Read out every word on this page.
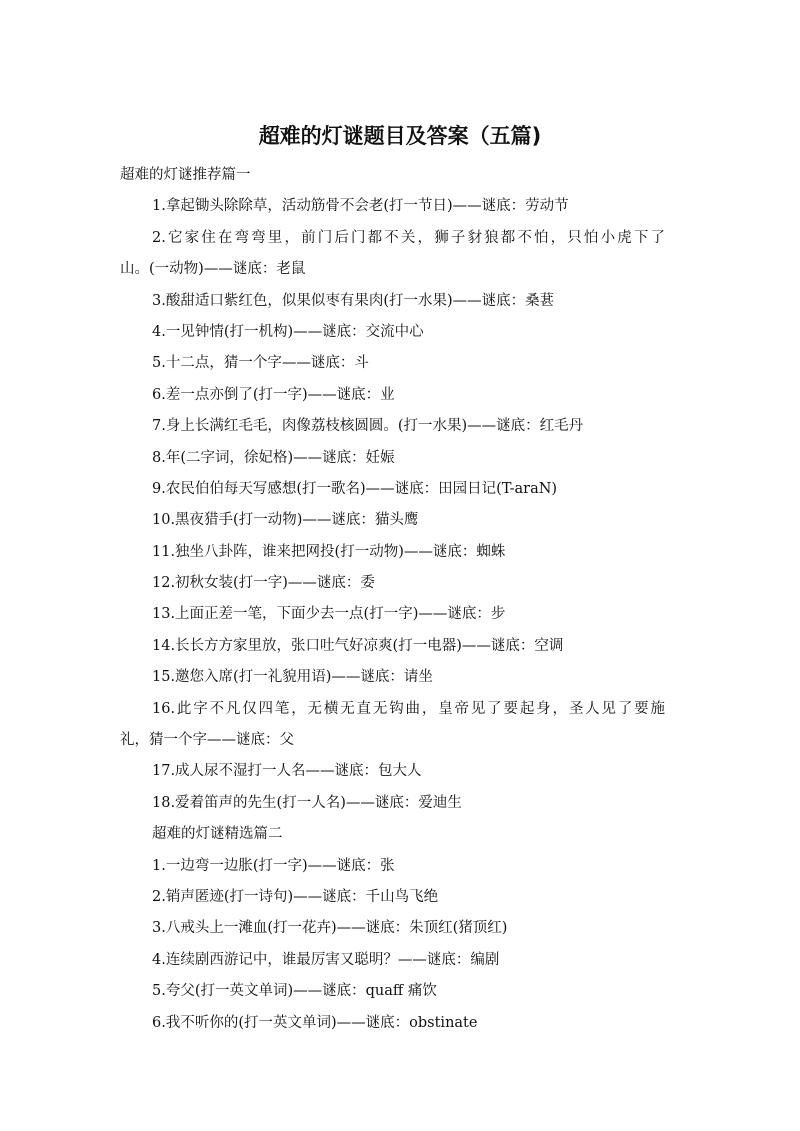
超难的灯谜题目及答案（五篇)

超难的灯谜推荐篇一

1.拿起锄头除除草，活动筋骨不会老(打一节日)——谜底：劳动节

2.它家住在弯弯里，前门后门都不关，狮子豺狼都不怕，只怕小虎下了

山。(一动物)——谜底：老鼠

3.酸甜适口紫红色，似果似枣有果肉(打一水果)——谜底：桑葚

4.一见钟情(打一机构)——谜底：交流中心

5.十二点，猜一个字——谜底：斗

6.差一点亦倒了(打一字)——谜底：业

7.身上长满红毛毛，肉像荔枝核圆圆。(打一水果)——谜底：红毛丹

8.年(二字词，徐妃格)——谜底：妊娠

9.农民伯伯每天写感想(打一歌名)——谜底：田园日记(T-araN)

10.黑夜猎手(打一动物)——谜底：猫头鹰

11.独坐八卦阵，谁来把网投(打一动物)——谜底：蜘蛛

12.初秋女装(打一字)——谜底：委

13.上面正差一笔，下面少去一点(打一字)——谜底：步

14.长长方方家里放，张口吐气好凉爽(打一电器)——谜底：空调

15.邀您入席(打一礼貌用语)——谜底：请坐

16.此字不凡仅四笔，无横无直无钩曲，皇帝见了要起身，圣人见了要施

礼，猜一个字——谜底：父

17.成人尿不湿打一人名——谜底：包大人

18.爱着笛声的先生(打一人名)——谜底：爱迪生

超难的灯谜精选篇二

1.一边弯一边胀(打一字)——谜底：张

2.销声匿迹(打一诗句)——谜底：千山鸟飞绝

3.八戒头上一滩血(打一花卉)——谜底：朱顶红(猪顶红)

4.连续剧西游记中，谁最厉害又聪明？——谜底：编剧

5.夸父(打一英文单词)——谜底：quaff 痛饮

6.我不听你的(打一英文单词)——谜底：obstinate
